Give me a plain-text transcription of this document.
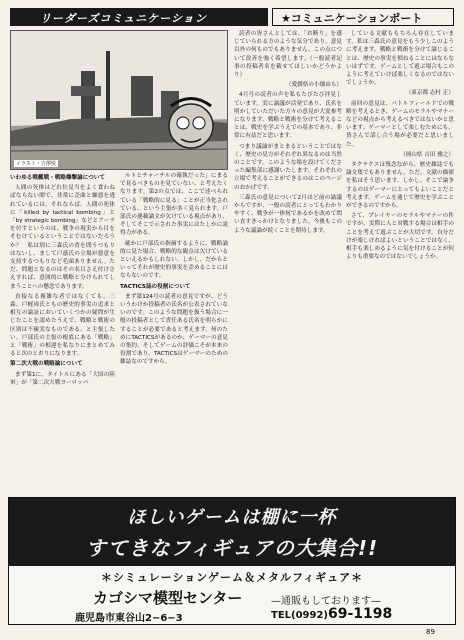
リーダーズコミュニケーション	★コミュニケーションポート
イラスト・吉澤悦

いわゆる戦艦戦・戦略爆撃論について

人間の死体はどれ位見当をよく食わねばならない間で、非常に歪曲と嫌悪を逃れているには。それならば、人間の死体に「killed by tactical bombing」と「by strategic bombing」などとアーラを付すというのは、戦争の現実から目をそむけているということではないだろうか？　私は別に三森氏の責を問うつもりはないし、まして戸惑氏の立場が悪意を支持するつもりなど毛頭ありません。ただ、問題となるのはその名目さえ付けさえすれば、意図的に戦略と分けられてしまうことへの懸念であります。

直接なる複雑な者ではなくても、三森、戸梶両氏ともの歴史的事実の追求と相互の論証においていくつかの疑問が生じたことを認めたうえで、戦略と戦術の区別は不確実なものである、と主張したい。戸部氏の主張の根底にある「戦略」と「戦術」の相違を私なりにまとめてみると次のとおりになります。

第二次大戦の戦略論について

まず第1に、タイトルにある「大国の陸軍」が「第二次大戦ヨーロッパ

ルトとチャーチルの確執だった」にまるで見るべきものを見ていない、と考えたくなります。第2の点では、ここで述べられている「戦略的に見る」ことが正当化されている、という主張が多く見られます。戸部氏の連載論文が欠けている視点があり、そしてそこで示された事実にはたしかに説得力がある。

確かに戸部氏の指摘するように、戦略論的に見た場合、戦略的な観点は欠けているといえるかもしれない。しかし、だからといってそれが歴史的事実を歪めることにはならないのです。

TACTICS誌の役割について

まず第124号の読者の意見ですが、どういうわけか投稿者の氏名が公表されていないのです。このような問題を扱う場合に一般の投稿者として責任ある氏名を明らかにすることが必要であると考えます。何のためにTACTICSがあるのか、ゲーマーの意見の集約、そしてゲームの評価こそが本来の役割であり、TACTICSはゲーマーのための雑誌なのですから。

読者の皆さんとしては、「お断り」を感じていられる方のような気分であり、意見以外の何ものでもありません。この点について改善を強く希望します。（一般読者記事の投稿者名を載せてほしいかどうかより）

（愛媛県の小畑由ら）

4月号の読者の声を私もたびたび拝見しています。実に論議が活発であり、氏名を明かしていただいた方々の意見が大変参考になります。戦略と戦術を分けて考えることは、戦史を学ぶうえでの基本であり、非常に有益だと思います。

つまり議論がまとまるということではなく、歴史の見方がそれぞれ異なるのは当然のことです。このような場を設けてくださった編集部に感謝いたします。それぞれの立場で考えることができるのはこのページのおかげです。

三森氏の意見について2月ほど前の論議からですが、一般の読者にとってもわかりやすく、戦争が一体何であるかを改めて問い直すきっかけとなりました。今後もこのような議論が続くことを期待します。

している文献ももちろん存在しています。私は三森氏の意見をもう少しこのように考えます。戦略と戦術を分けて論じることは、歴史の事実を損ねることにはならないはずです。ゲームとして遊ぶ場合もこのように考えていけば楽しくなるのではないでしょうか。

（東京都 志村 正）

前回の意見は、バトルフィールドでの戦略を考えるとき、ゲームのモラルやマナーなどの視点から考えるべきではないかと思います。ゲーマーとして楽しむためにも、皆さんで話し合う場が必要だと思いました。

（岡山県 吉田 雅之）

タクテクスは残念ながら、歴史雑誌でも論文集でもありません。ただ、文献の価値を私はそう思います。しかし、そこで論争するのはゲーマーにとってもよいことだと考えます。ゲームを通じて歴史を学ぶことができるのですから。

さて、プレイヤーのモラルやマナーの件ですが、実際に人と対戦する場合は相手のことを考えて遊ぶことが大切です。自分だけが楽しければよいということではなく、相手も楽しめるように気を付けることが何よりも重要なのではないでしょうか。

ほしいゲームは棚に一杯
すてきなフィギュアの大集合!!
＊シミュレーションゲーム＆メタルフィギュア＊
カゴシマ模型センター	—通販もしております—
鹿児島市東谷山2−6−3	TEL(0992)69-1198
89
